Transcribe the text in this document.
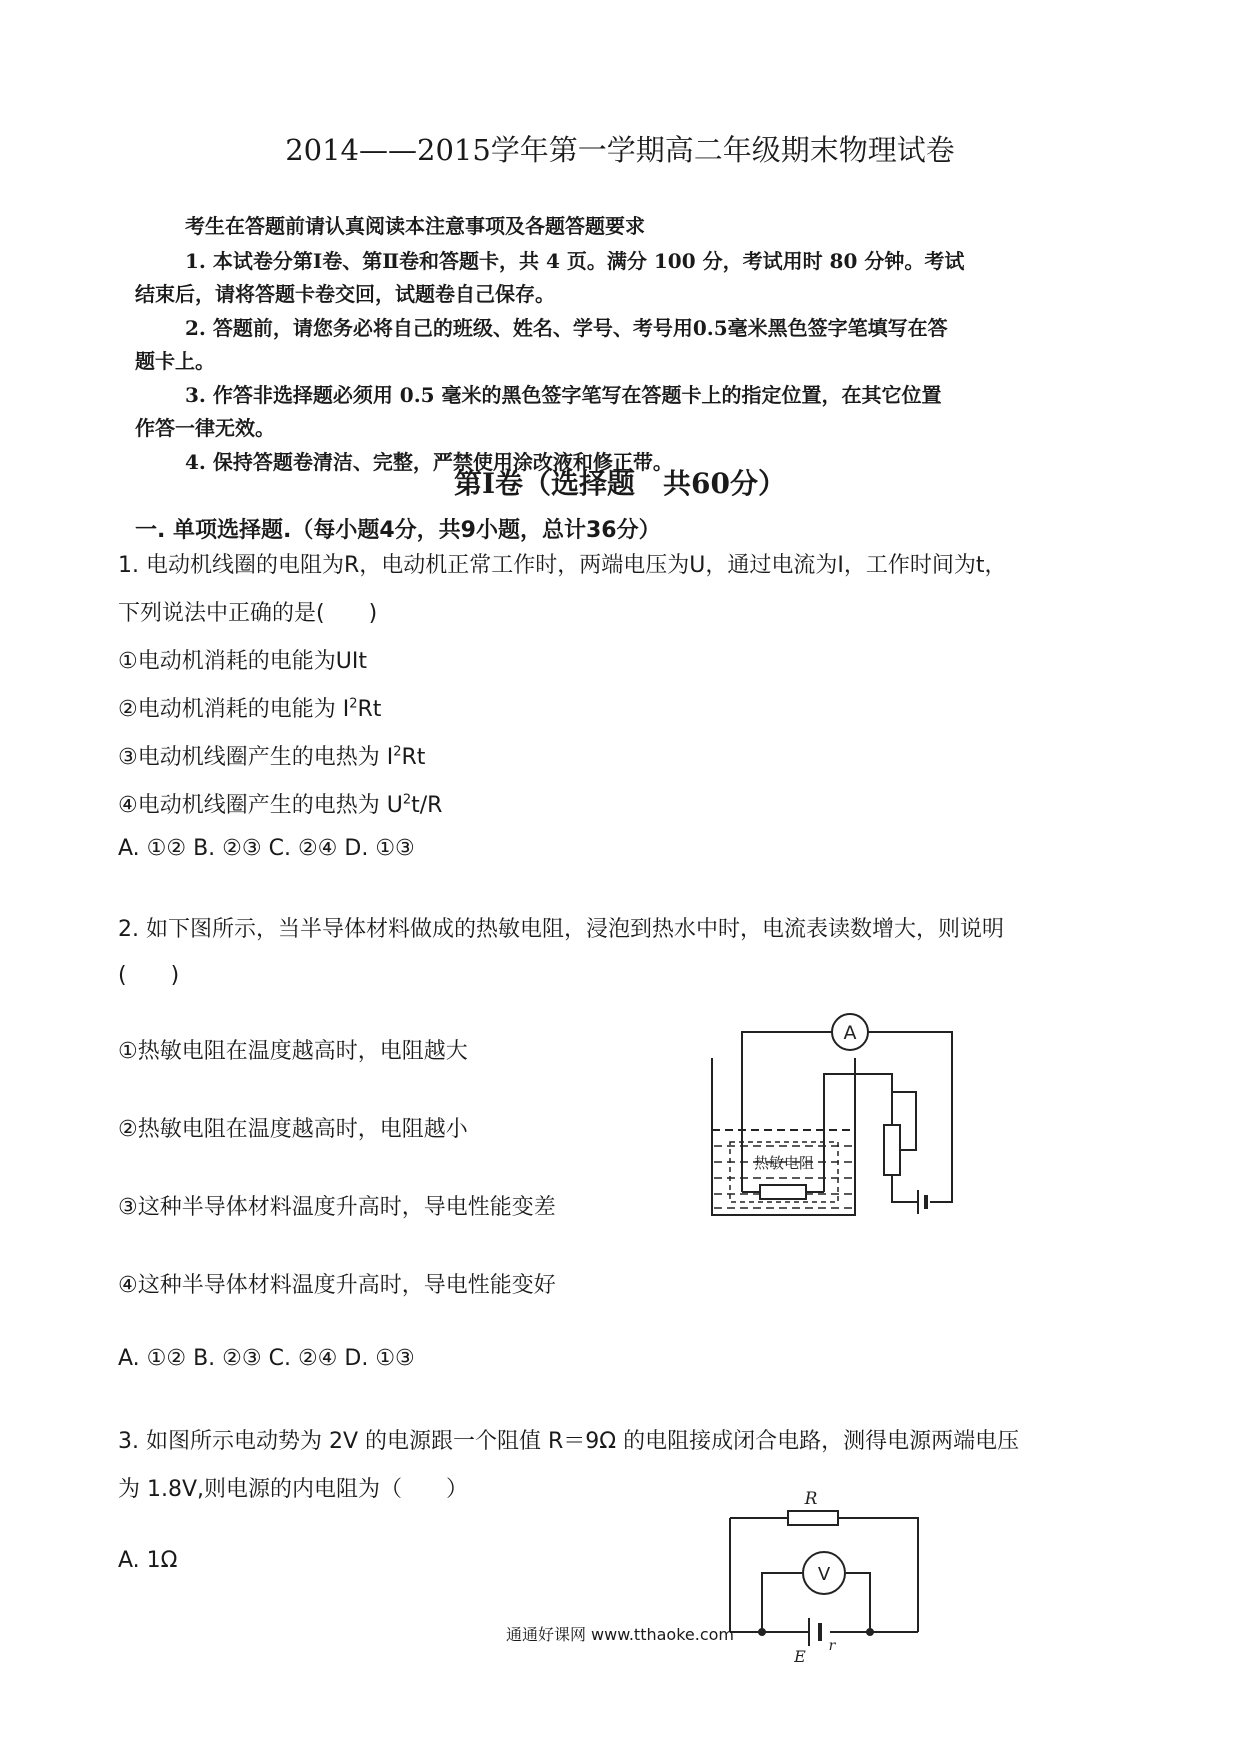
2014——2015学年第一学期高二年级期末物理试卷
考生在答题前请认真阅读本注意事项及各题答题要求
1. 本试卷分第Ⅰ卷、第Ⅱ卷和答题卡，共 4 页。满分 100 分，考试用时 80 分钟。考试
结束后，请将答题卡卷交回，试题卷自己保存。
2. 答题前，请您务必将自己的班级、姓名、学号、考号用0.5毫米黑色签字笔填写在答
题卡上。
3. 作答非选择题必须用 0.5 毫米的黑色签字笔写在答题卡上的指定位置，在其它位置
作答一律无效。
4. 保持答题卷清洁、完整，严禁使用涂改液和修正带。
第Ⅰ卷（选择题　共60分）
一. 单项选择题.（每小题4分，共9小题，总计36分）
1. 电动机线圈的电阻为R，电动机正常工作时，两端电压为U，通过电流为I，工作时间为t，
下列说法中正确的是(　　)
①电动机消耗的电能为UIt
②电动机消耗的电能为 $I^2Rt$
③电动机线圈产生的电热为 $I^2Rt$
④电动机线圈产生的电热为 $U^2t/R$
A. ①② B. ②③ C. ②④ D. ①③
2. 如下图所示，当半导体材料做成的热敏电阻，浸泡到热水中时，电流表读数增大，则说明
(　　)
①热敏电阻在温度越高时，电阻越大
②热敏电阻在温度越高时，电阻越小
③这种半导体材料温度升高时，导电性能变差
④这种半导体材料温度升高时，导电性能变好
A. ①② B. ②③ C. ②④ D. ①③
A
热敏电阻
3. 如图所示电动势为 2V 的电源跟一个阻值 R＝9Ω 的电阻接成闭合电路，测得电源两端电压
为 1.8V,则电源的内电阻为（　　）
A. 1Ω
R
V
E
r
通通好课网 www.tthaoke.com
